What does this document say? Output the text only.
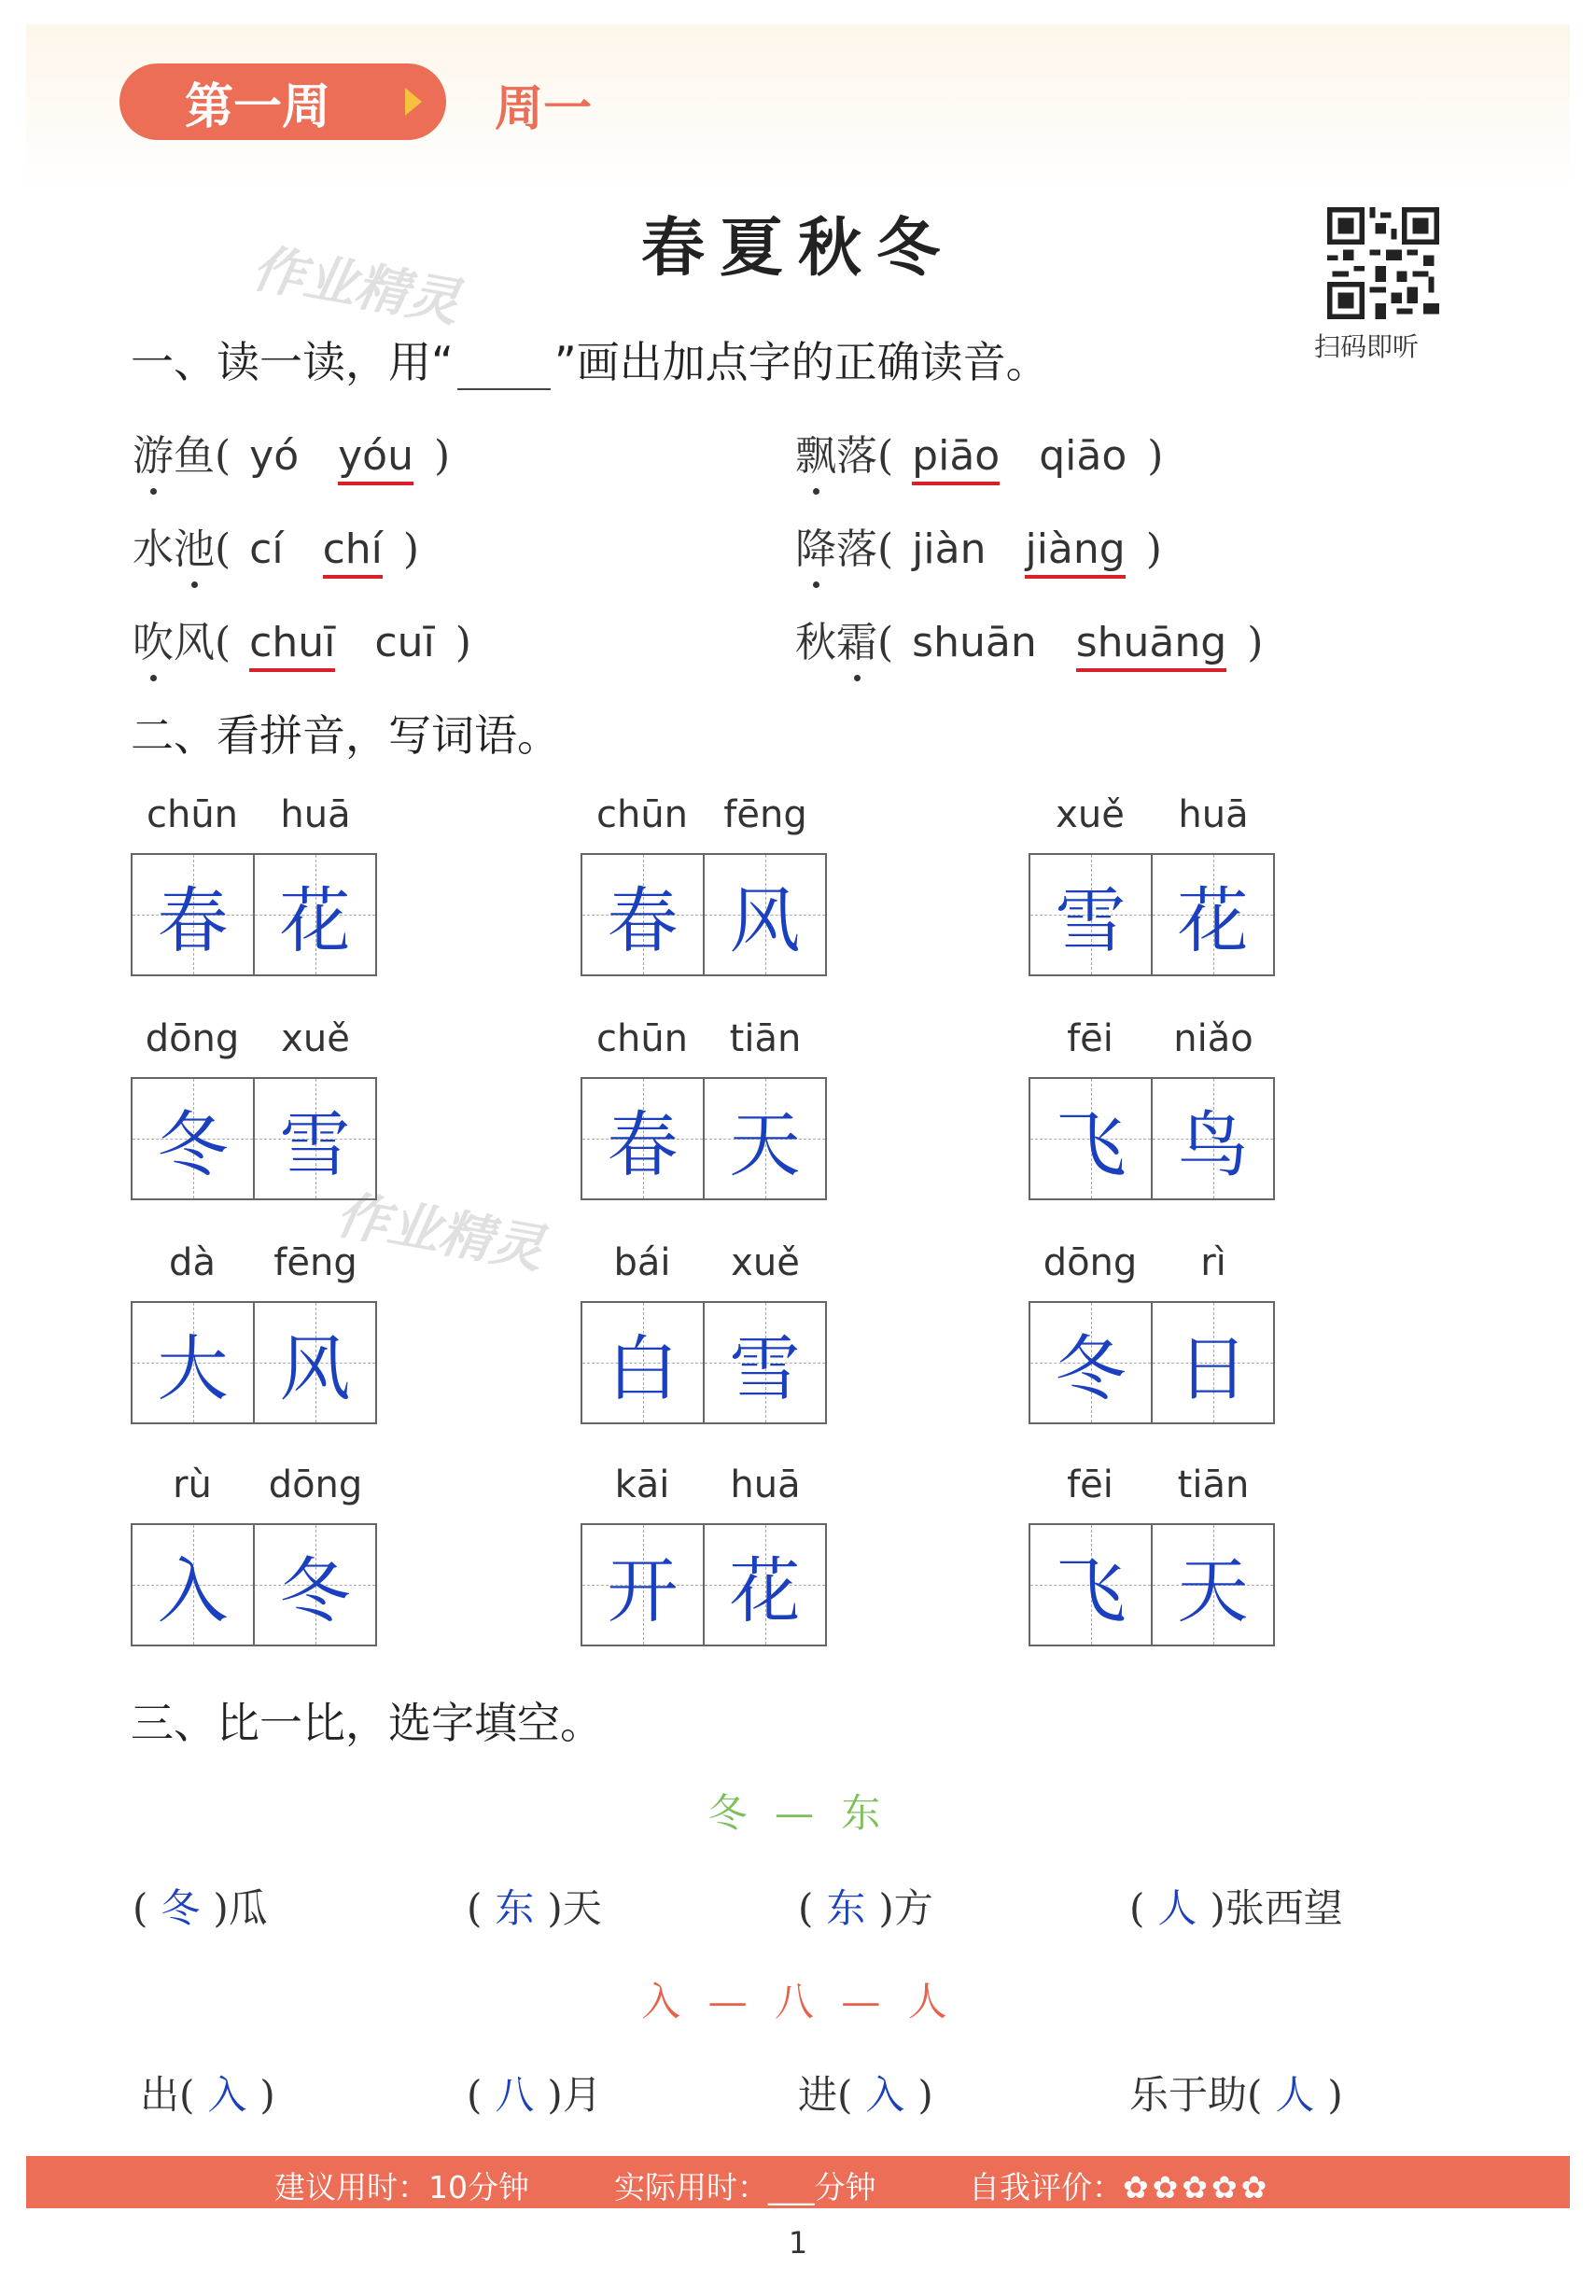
第一周	周一
春夏秋冬
扫码即听
作业精灵
作业精灵
一、读一读，用“ ”画出加点字的正确读音。
游鱼( yó yóu )	飘落( piāo qiāo )
水池( cí chí )	降落( jiàn jiàng )
吹风( chuī cuī )	秋霜( shuān shuāng )
二、看拼音，写词语。
chūn	huā
春 花
chūn fēng
春 风
xuě	huā
雪 花
dōng	xuě
冬 雪
chūn	tiān
春 天
fēi	niǎo
飞 鸟
dà	fēng
大 风
bái	xuě
白 雪
dōng	rì
冬 日
rù	dōng
入 冬
kāi	huā
开 花
fēi	tiān
飞 天
三、比一比，选字填空。
冬 — 东
( 冬 )瓜	( 东 )天	( 东 )方	( 人 )张西望
入 — 八 — 人
出( 入 )	( 八 )月	进( 入 )	乐于助( 人 )
建议用时：10分钟	实际用时：___分钟	自我评价：✿✿✿✿✿
1
